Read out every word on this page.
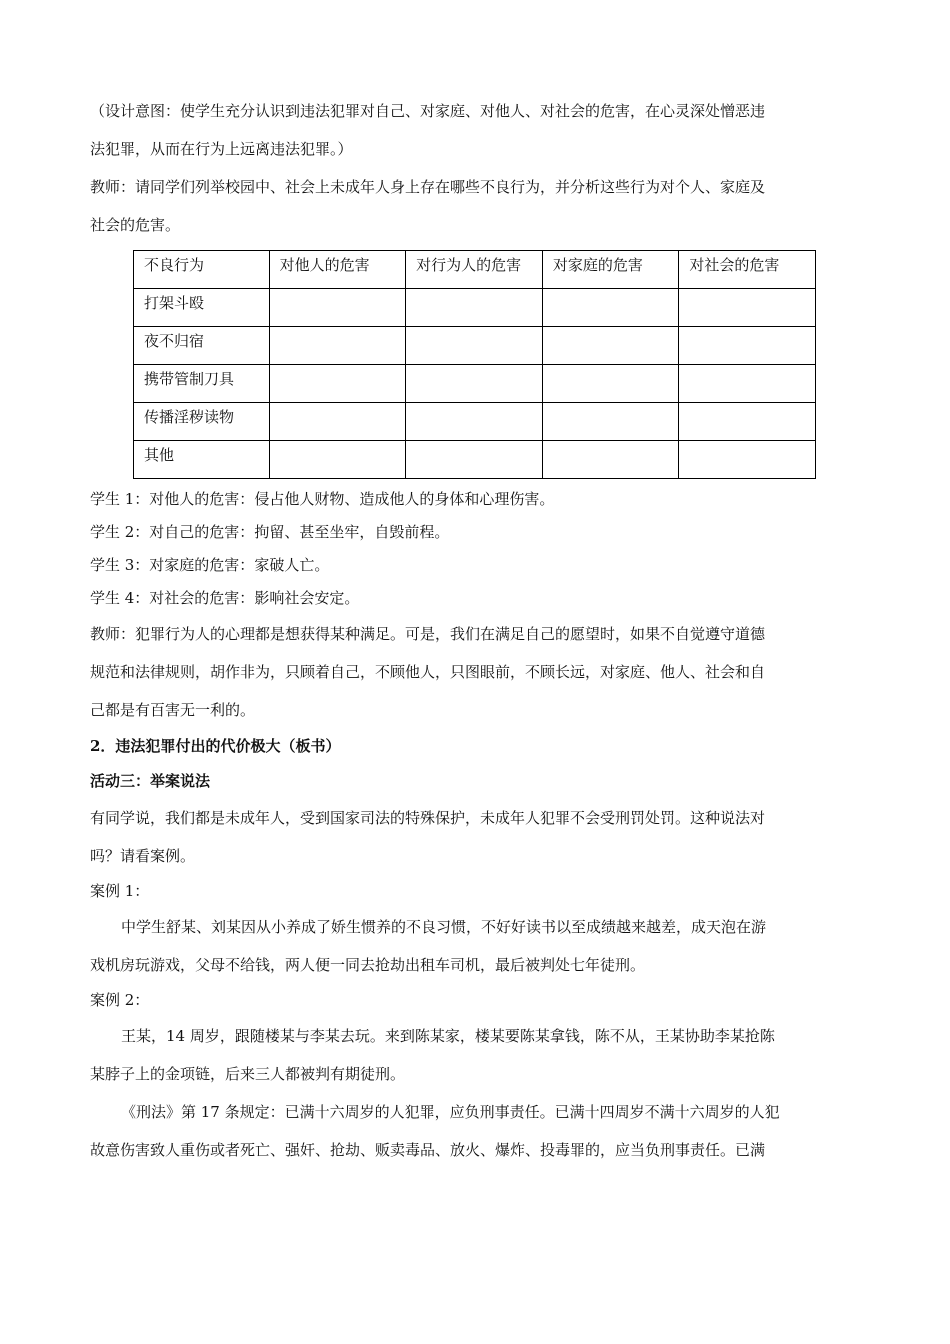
（设计意图：使学生充分认识到违法犯罪对自己、对家庭、对他人、对社会的危害，在心灵深处憎恶违

法犯罪，从而在行为上远离违法犯罪。）

教师：请同学们列举校园中、社会上未成年人身上存在哪些不良行为，并分析这些行为对个人、家庭及

社会的危害。

不良行为	对他人的危害	对行为人的危害	对家庭的危害	对社会的危害
打架斗殴				
夜不归宿				
携带管制刀具				
传播淫秽读物				
其他				

学生 1：对他人的危害：侵占他人财物、造成他人的身体和心理伤害。

学生 2：对自己的危害：拘留、甚至坐牢，自毁前程。

学生 3：对家庭的危害：家破人亡。

学生 4：对社会的危害：影响社会安定。

教师：犯罪行为人的心理都是想获得某种满足。可是，我们在满足自己的愿望时，如果不自觉遵守道德

规范和法律规则，胡作非为，只顾着自己，不顾他人，只图眼前，不顾长远，对家庭、他人、社会和自

己都是有百害无一利的。

2．违法犯罪付出的代价极大（板书）

活动三：举案说法

有同学说，我们都是未成年人，受到国家司法的特殊保护，未成年人犯罪不会受刑罚处罚。这种说法对

吗？请看案例。

案例 1：

中学生舒某、刘某因从小养成了娇生惯养的不良习惯，不好好读书以至成绩越来越差，成天泡在游

戏机房玩游戏，父母不给钱，两人便一同去抢劫出租车司机，最后被判处七年徒刑。

案例 2：

王某，14 周岁，跟随楼某与李某去玩。来到陈某家，楼某要陈某拿钱，陈不从，王某协助李某抢陈

某脖子上的金项链，后来三人都被判有期徒刑。

《刑法》第 17 条规定：已满十六周岁的人犯罪，应负刑事责任。已满十四周岁不满十六周岁的人犯

故意伤害致人重伤或者死亡、强奸、抢劫、贩卖毒品、放火、爆炸、投毒罪的，应当负刑事责任。已满
